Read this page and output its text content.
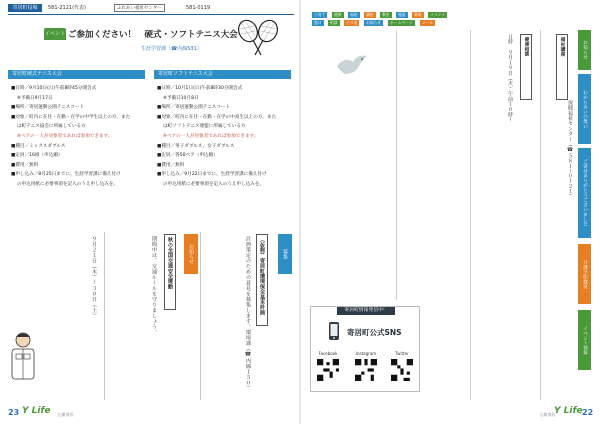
寄居町役場	581-2121(代表)	ふれあい福祉センター	581-0119
イベント ご参加ください！　硬式・ソフトテニス大会
生涯学習課（☎内線531）
寄居町硬式テニス大会
■日時／9月10日(日)午前8時45分開会式
※予備日9月17日
■場所／寄居運動公園テニスコート
■対象／町内に在住・在勤・在学の中学生以上の方、また
は町テニス協会に所属している方
※ペアの一人が対象者であれば参加できます。
■種目／ミックスダブルス
■定員／16組（申込順）
■費用／無料
■申し込み／8月25日までに、生涯学習課に備え付け
の申込用紙に必要事項を記入のうえ申し込みを。
寄居町ソフトテニス大会
■日時／10月1日(日)午前8時30分開会式
※予備日10月8日
■場所／寄居運動公園テニスコート
■対象／町内に在住・在勤・在学の中高生以上の方、また
は町ソフトテニス連盟に所属している方
※ペアの一人が対象者であれば参加できます。
■種目／男子ダブルス、女子ダブルス
■定員／各50ペア（申込順）
■費用／無料
■申し込み／9月22日までに、生涯学習課に備え付け
の申込用紙に必要事項を記入のうえ申し込みを。
募集
（仮称）寄居町環境保全基本計画
計画策定のための意見を募集します。環境課（☎内線１５０）
お知らせ
秋の全国交通安全運動
期間中は、交通ルールを守りましょう。
９月２１日（木）〜３０日（土）
23 Y Life 広報寄居
子育て	健康	福祉	講座	教室	施設	募集	イベント
窓口	相談	その他	お知らせ	ホームページ	メール
お知らせ
わかちあいの集い
ご寄付ありがとうございました
介護予防教室
イベント情報
福祉講座
保健福祉センター（☎５８１−０１２１）
健康相談
日時　９月１９日（火）午前１０時〜
寄居町情報発信中！
寄居町公式SNS
Facebook	Instagram	Twitter
広報寄居
Y Life 22
